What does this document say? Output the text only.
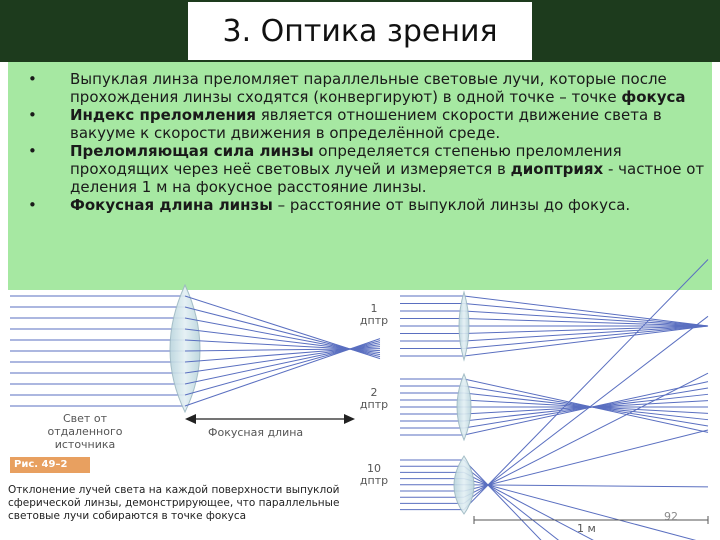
3. Оптика зрения
• Выпуклая линза преломляет параллельные световые лучи, которые после прохождения линзы сходятся (конвергируют) в одной точке – точке фокуса
• Индекс преломления является отношением скорости движение света в вакууме к скорости движения в определённой среде.
• Преломляющая сила линзы определяется степенью преломления проходящих через неё световых лучей и измеряется в диоптриях - частное от деления 1 м на фокусное расстояние линзы.
• Фокусная длина линзы – расстояние от выпуклой линзы до фокуса.
Свет от отдаленного источника
Фокусная длина
1
дптр
2
дптр
10
дптр
1 м
92
Рис. 49–2
Отклонение лучей света на каждой поверхности выпуклой сферической линзы, демонстрирующее, что параллельные световые лучи собираются в точке фокуса
